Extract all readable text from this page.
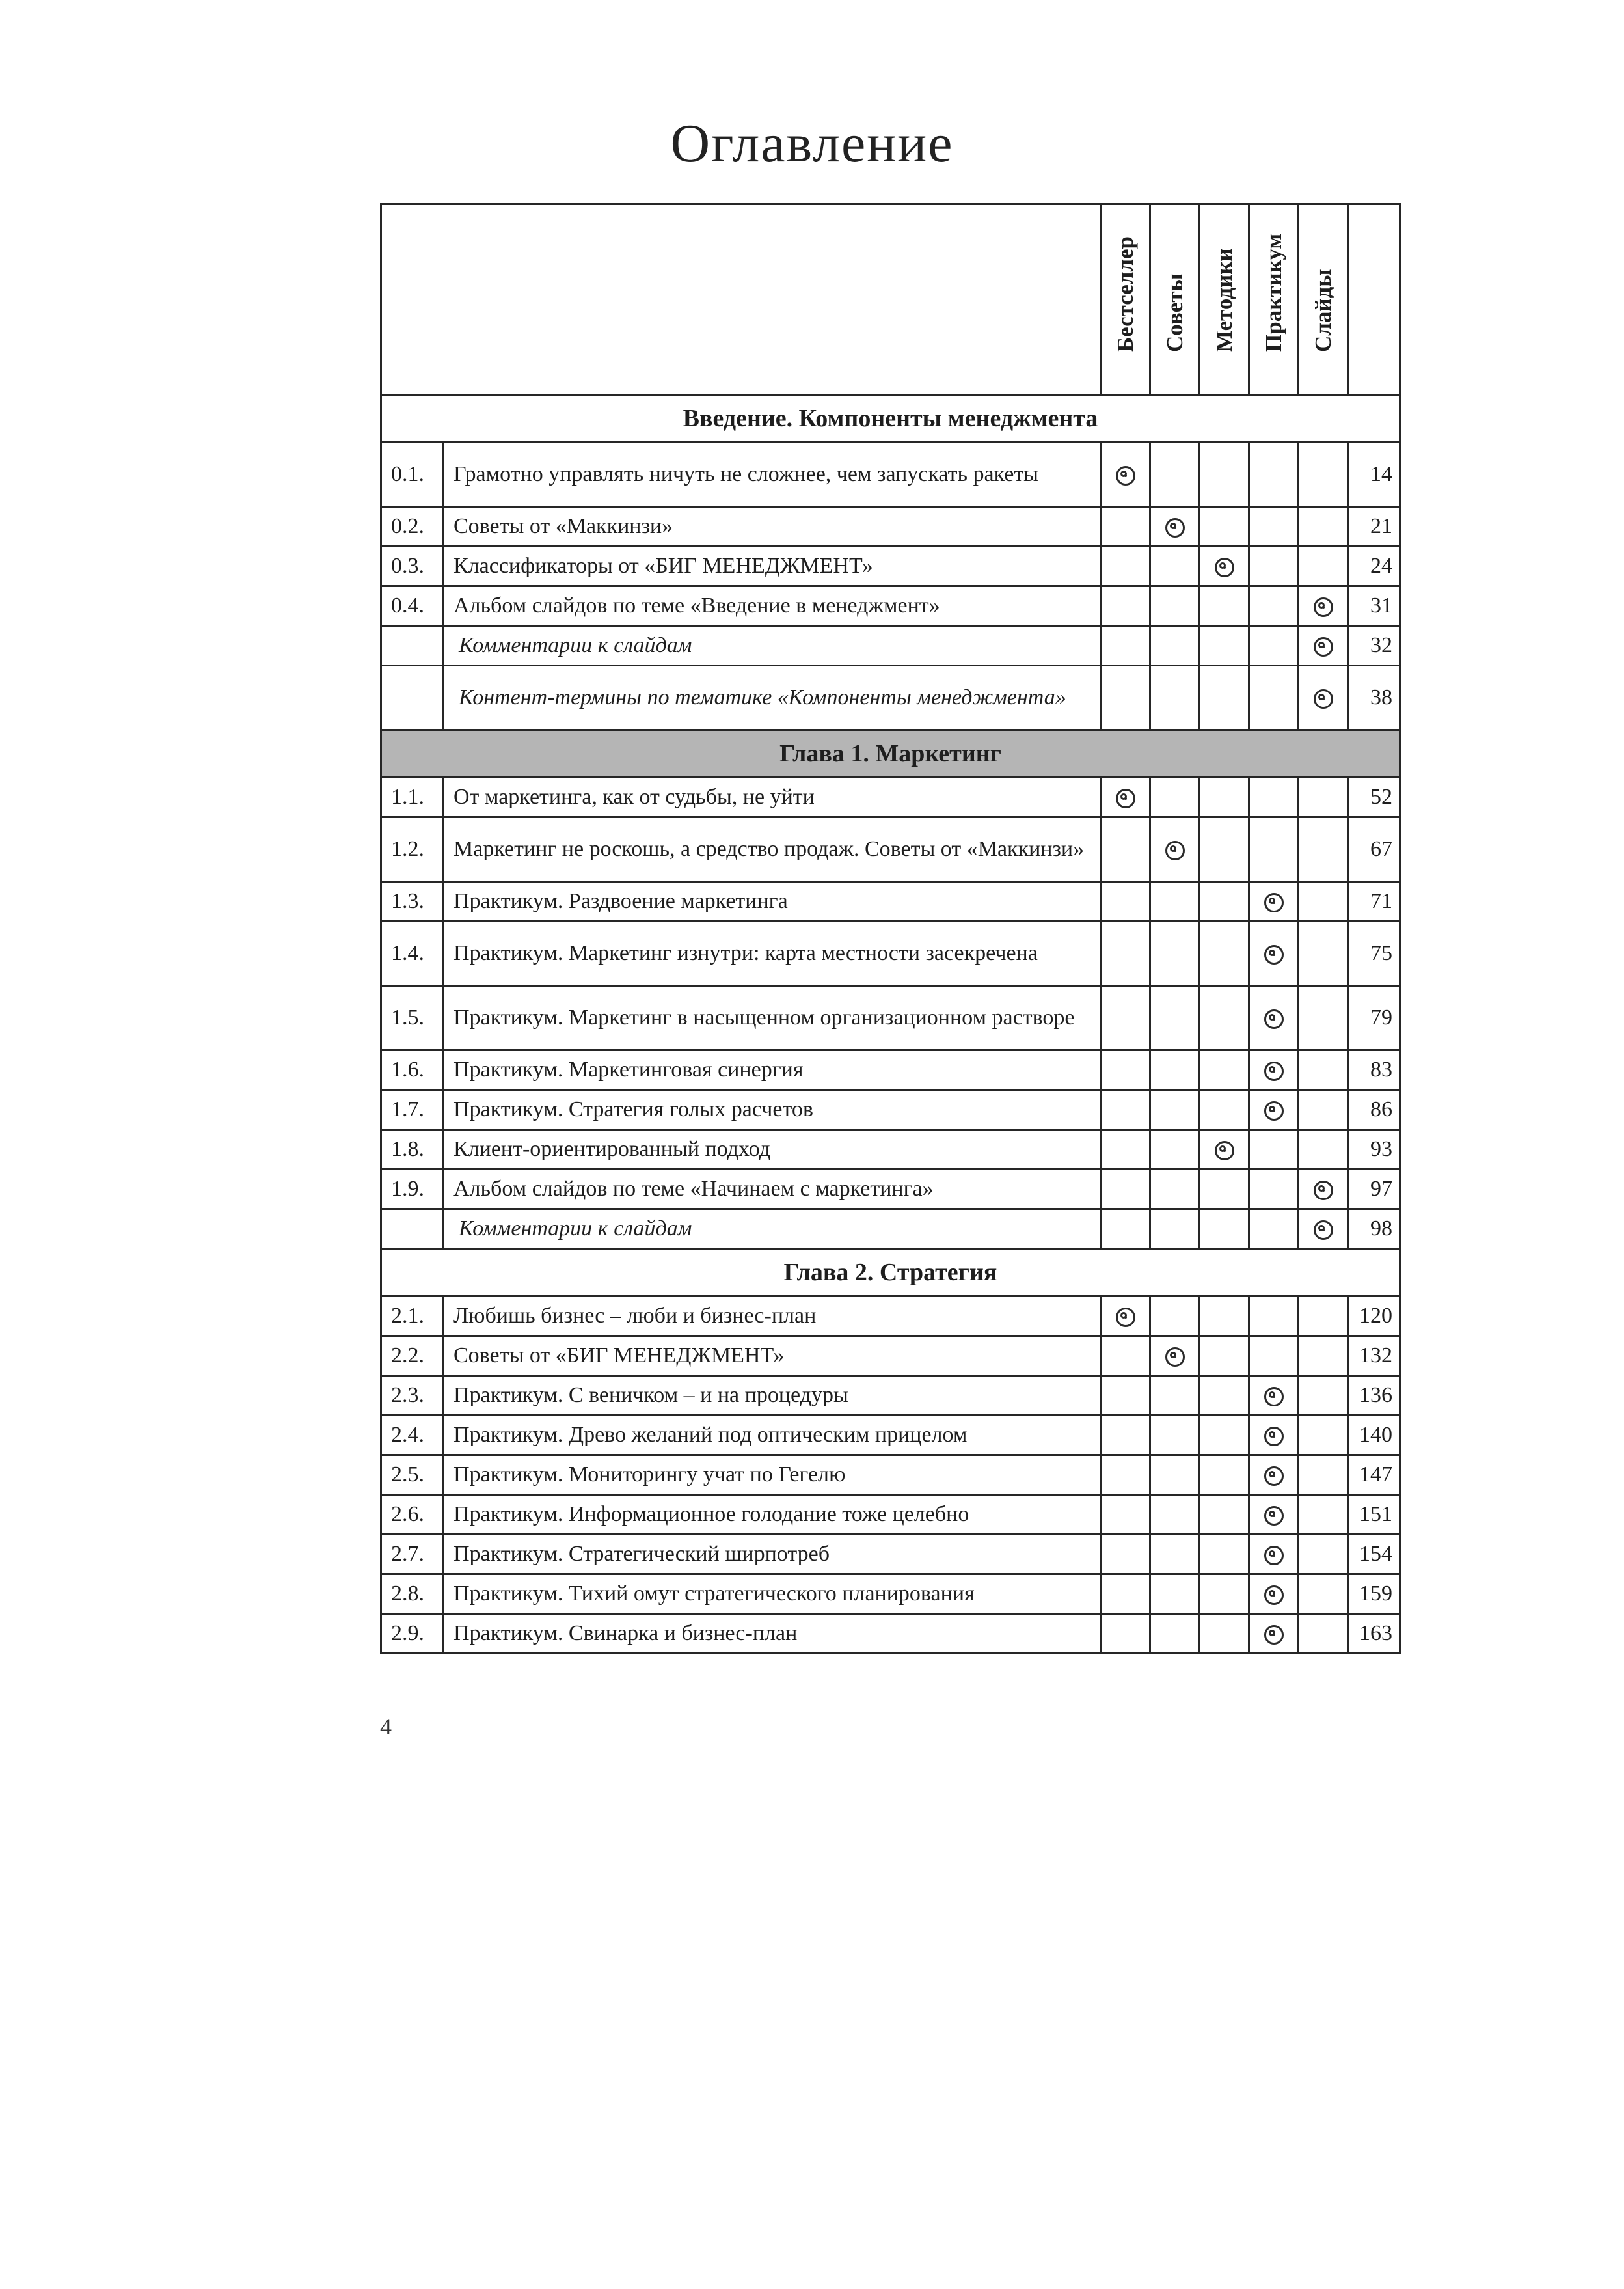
Оглавление

		Бестселлер	Советы	Методики	Практикум	Слайды	

Введение. Компоненты менеджмента							
0.1.	Грамотно управлять ничуть не сложнее, чем запускать ракеты						14
0.2.	Советы от «Маккинзи»						21
0.3.	Классификаторы от «БИГ МЕНЕДЖМЕНТ»						24
0.4.	Альбом слайдов по теме «Введение в менеджмент»						31
	Комментарии к слайдам						32
	Контент-термины по тематике «Компоненты менеджмента»						38
Глава 1. Маркетинг							
1.1.	От маркетинга, как от судьбы, не уйти						52
1.2.	Маркетинг не роскошь, а средство продаж. Советы от «Маккинзи»						67
1.3.	Практикум. Раздвоение маркетинга						71
1.4.	Практикум. Маркетинг изнутри: карта местности засекречена						75
1.5.	Практикум. Маркетинг в насыщенном организационном растворе						79
1.6.	Практикум. Маркетинговая синергия						83
1.7.	Практикум. Стратегия голых расчетов						86
1.8.	Клиент-ориентированный подход						93
1.9.	Альбом слайдов по теме «Начинаем с маркетинга»						97
	Комментарии к слайдам						98
Глава 2. Стратегия							
2.1.	Любишь бизнес – люби и бизнес-план						120
2.2.	Советы от «БИГ МЕНЕДЖМЕНТ»						132
2.3.	Практикум. С веничком – и на процедуры						136
2.4.	Практикум. Древо желаний под оптическим прицелом						140
2.5.	Практикум. Мониторингу учат по Гегелю						147
2.6.	Практикум. Информационное голодание тоже целебно						151
2.7.	Практикум. Стратегический ширпотреб						154
2.8.	Практикум. Тихий омут стратегического планирования						159
2.9.	Практикум. Свинарка и бизнес-план						163
4
